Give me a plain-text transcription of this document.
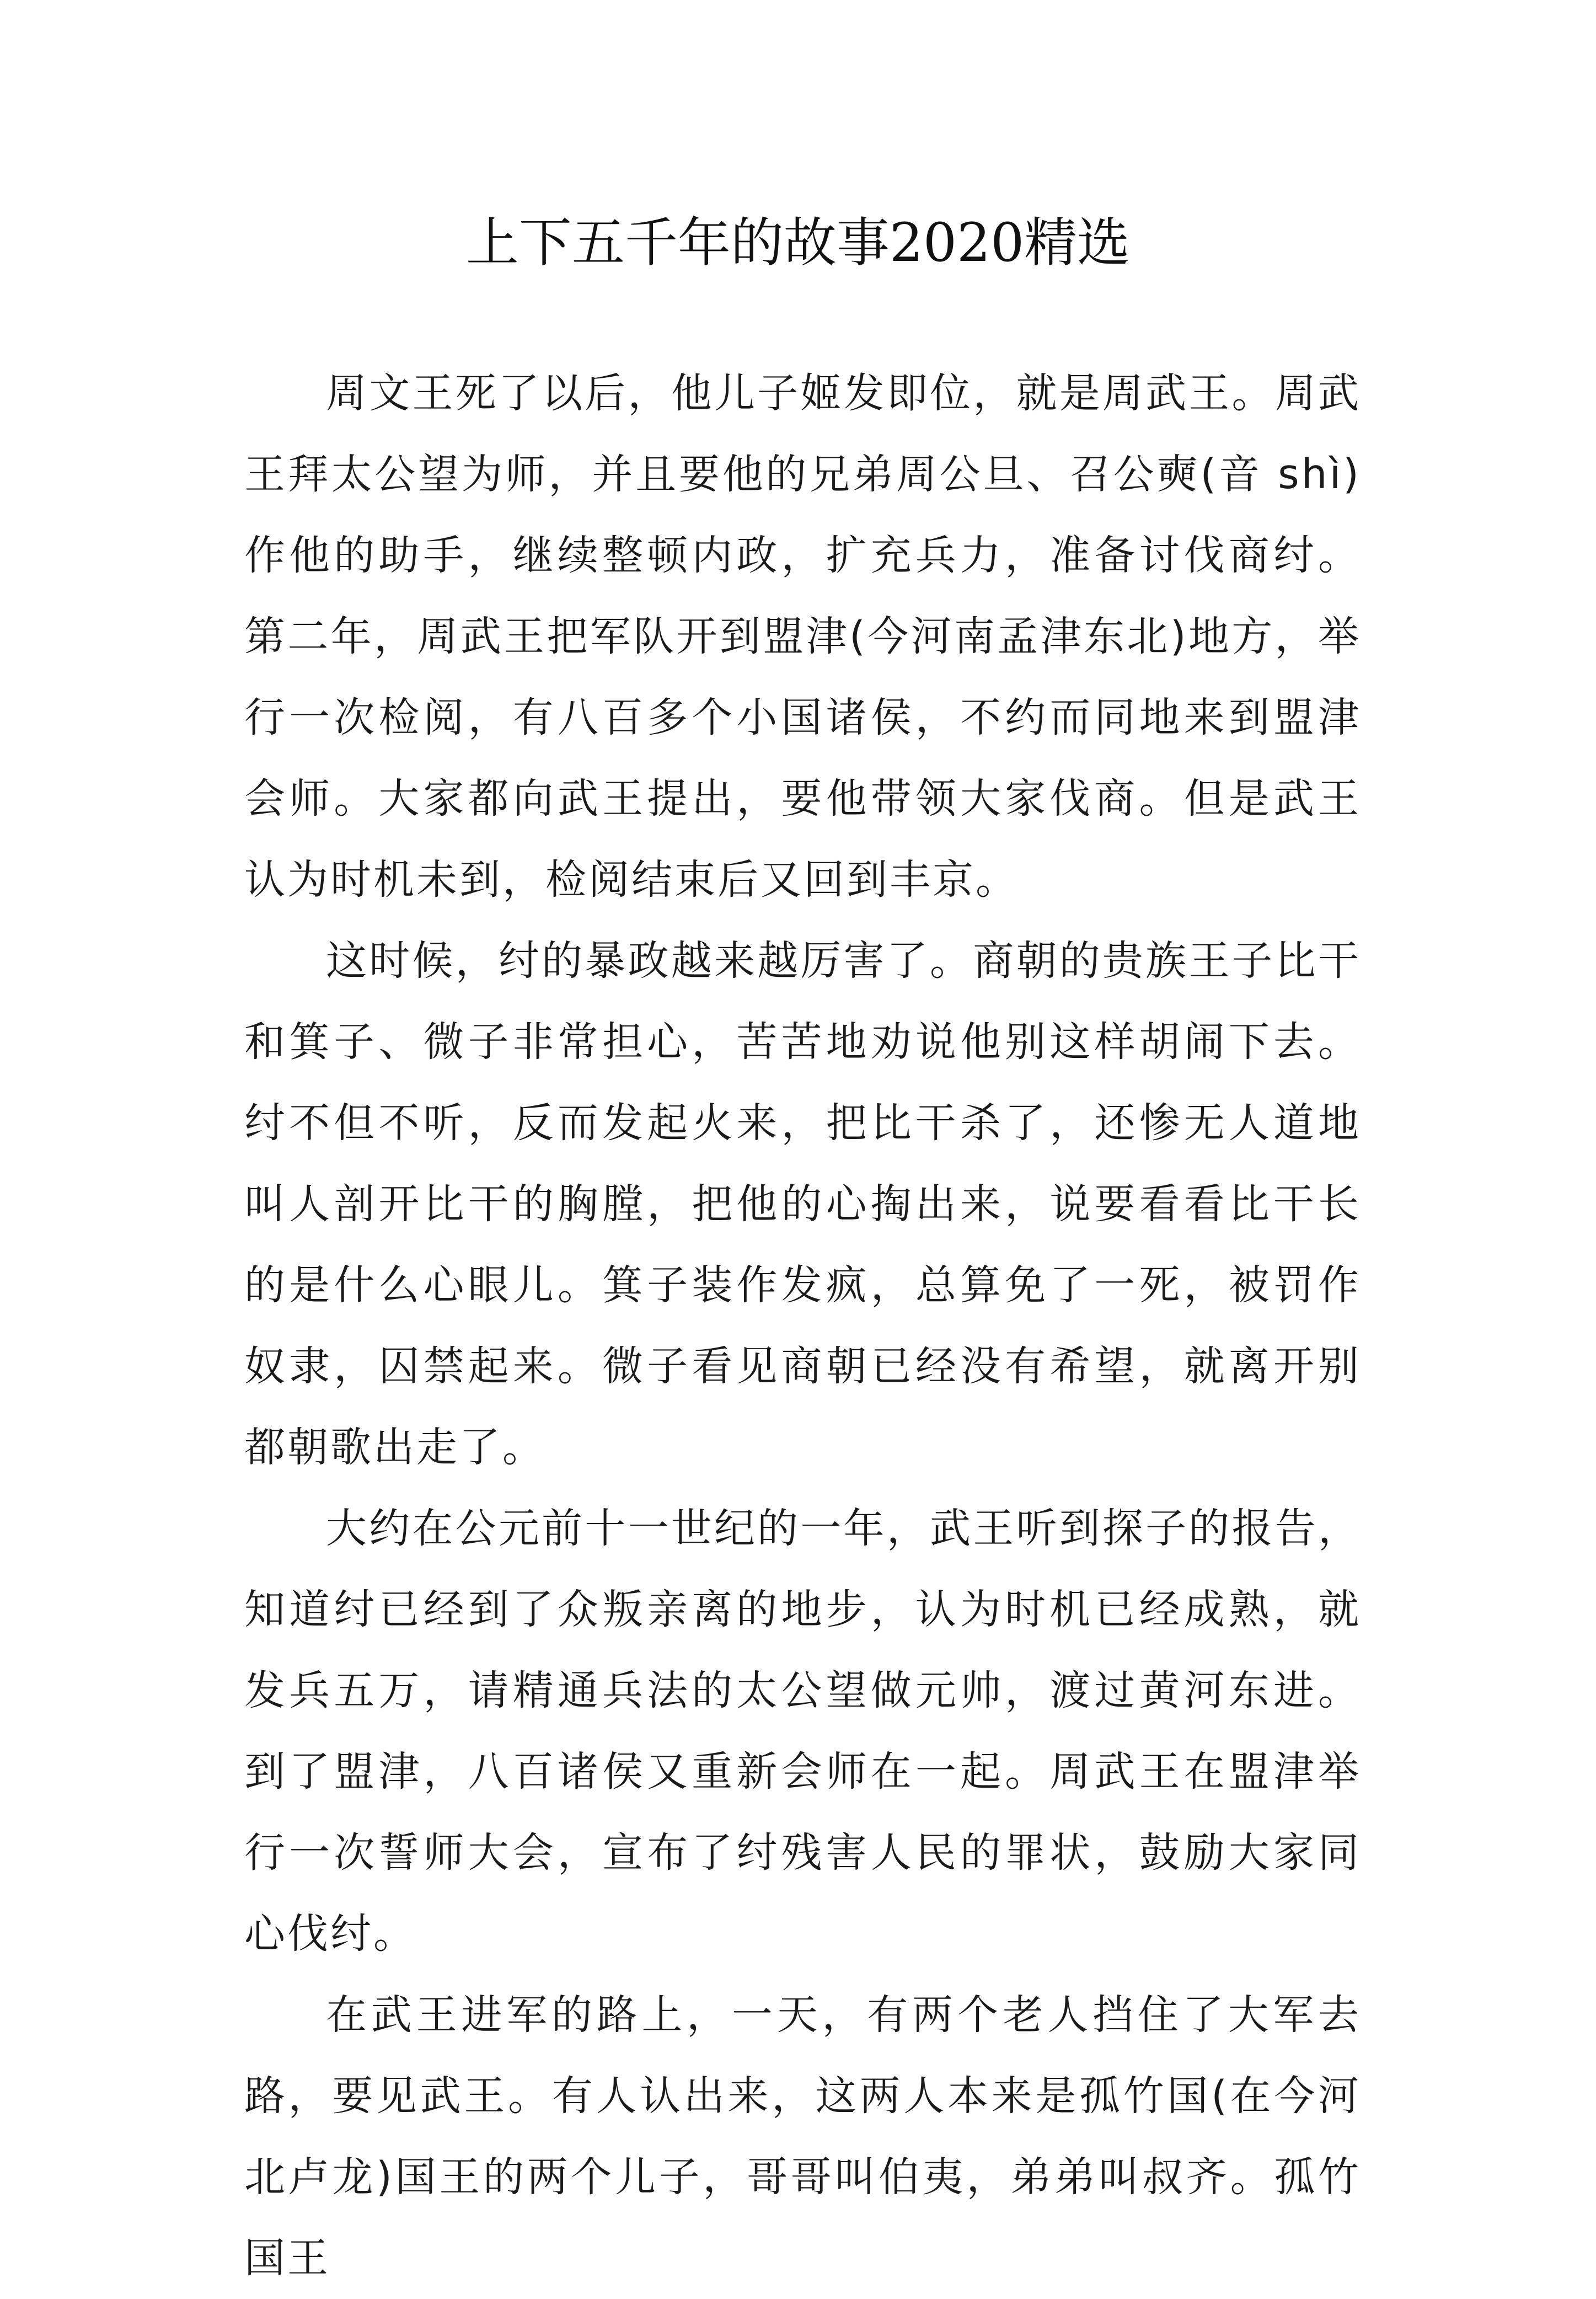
上下五千年的故事2020精选

周文王死了以后，他儿子姬发即位，就是周武王。周武王拜太公望为师，并且要他的兄弟周公旦、召公奭(音 shì)作他的助手，继续整顿内政，扩充兵力，准备讨伐商纣。第二年，周武王把军队开到盟津(今河南孟津东北)地方，举行一次检阅，有八百多个小国诸侯，不约而同地来到盟津会师。大家都向武王提出，要他带领大家伐商。但是武王认为时机未到，检阅结束后又回到丰京。

这时候，纣的暴政越来越厉害了。商朝的贵族王子比干和箕子、微子非常担心，苦苦地劝说他别这样胡闹下去。纣不但不听，反而发起火来，把比干杀了，还惨无人道地叫人剖开比干的胸膛，把他的心掏出来，说要看看比干长的是什么心眼儿。箕子装作发疯，总算免了一死，被罚作奴隶，囚禁起来。微子看见商朝已经没有希望，就离开别都朝歌出走了。

大约在公元前十一世纪的一年，武王听到探子的报告，知道纣已经到了众叛亲离的地步，认为时机已经成熟，就发兵五万，请精通兵法的太公望做元帅，渡过黄河东进。到了盟津，八百诸侯又重新会师在一起。周武王在盟津举行一次誓师大会，宣布了纣残害人民的罪状，鼓励大家同心伐纣。

在武王进军的路上，一天，有两个老人挡住了大军去路，要见武王。有人认出来，这两人本来是孤竹国(在今河北卢龙)国王的两个儿子，哥哥叫伯夷，弟弟叫叔齐。孤竹国王
